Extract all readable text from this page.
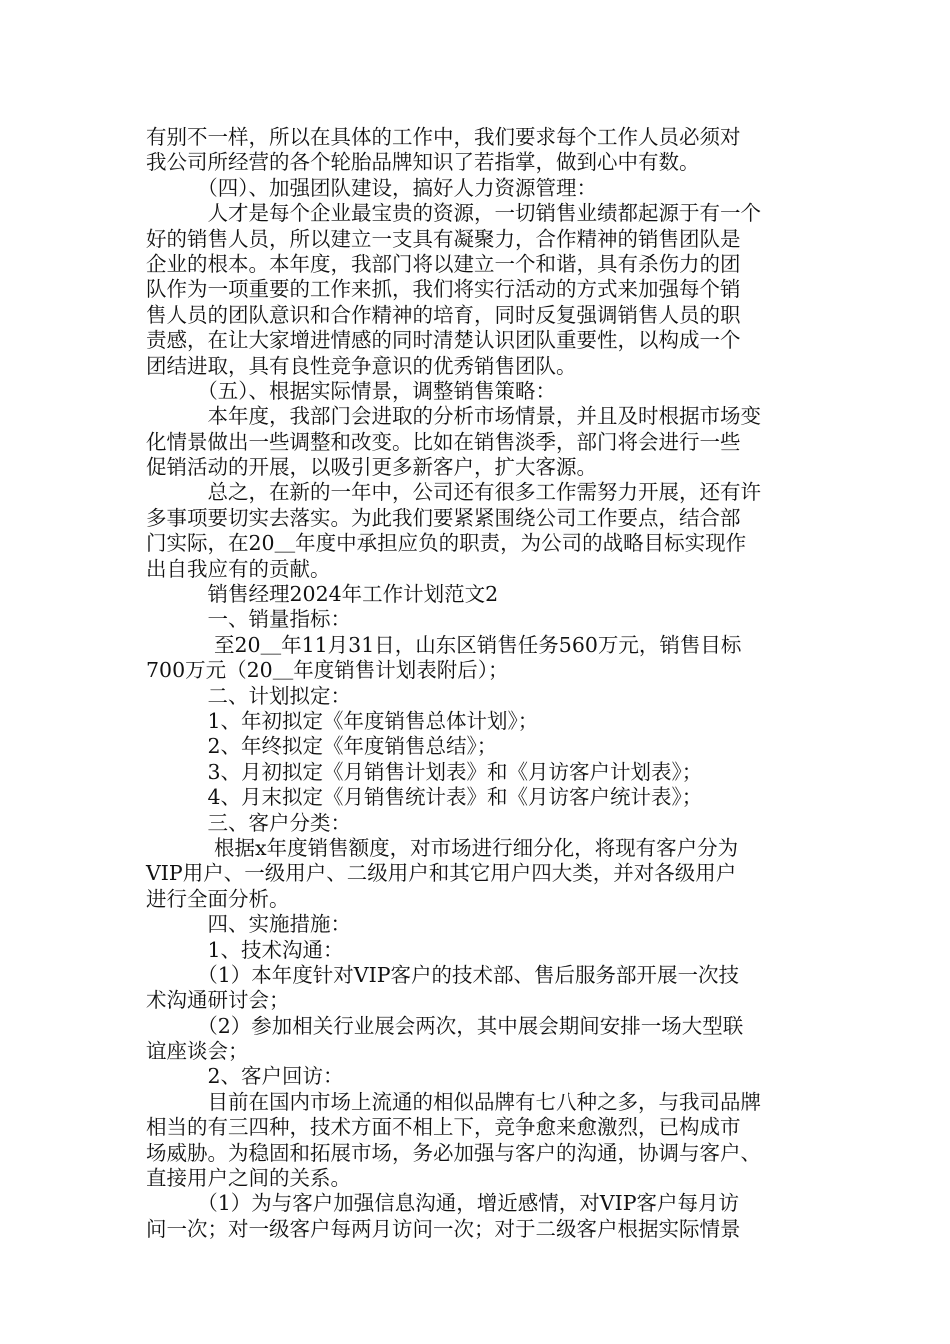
有别不一样，所以在具体的工作中，我们要求每个工作人员必须对
我公司所经营的各个轮胎品牌知识了若指掌，做到心中有数。
　　　（四）、加强团队建设，搞好人力资源管理：
　　　人才是每个企业最宝贵的资源，一切销售业绩都起源于有一个
好的销售人员，所以建立一支具有凝聚力，合作精神的销售团队是
企业的根本。本年度，我部门将以建立一个和谐，具有杀伤力的团
队作为一项重要的工作来抓，我们将实行活动的方式来加强每个销
售人员的团队意识和合作精神的培育，同时反复强调销售人员的职
责感，在让大家增进情感的同时清楚认识团队重要性，以构成一个
团结进取，具有良性竞争意识的优秀销售团队。
　　　（五）、根据实际情景，调整销售策略：
　　　本年度，我部门会进取的分析市场情景，并且及时根据市场变
化情景做出一些调整和改变。比如在销售淡季，部门将会进行一些
促销活动的开展，以吸引更多新客户，扩大客源。
　　　总之，在新的一年中，公司还有很多工作需努力开展，还有许
多事项要切实去落实。为此我们要紧紧围绕公司工作要点，结合部
门实际，在20＿年度中承担应负的职责，为公司的战略目标实现作
出自我应有的贡献。
　　　销售经理2024年工作计划范文2
　　　一、销量指标：
　　　 至20＿年11月31日，山东区销售任务560万元，销售目标
700万元（20＿年度销售计划表附后）；
　　　二、计划拟定：
　　　1、年初拟定《年度销售总体计划》；
　　　2、年终拟定《年度销售总结》；
　　　3、月初拟定《月销售计划表》和《月访客户计划表》；
　　　4、月末拟定《月销售统计表》和《月访客户统计表》；
　　　三、客户分类：
　　　 根据x年度销售额度，对市场进行细分化，将现有客户分为
VIP用户、一级用户、二级用户和其它用户四大类，并对各级用户
进行全面分析。
　　　四、实施措施：
　　　1、技术沟通：
　　　（1）本年度针对VIP客户的技术部、售后服务部开展一次技
术沟通研讨会；
　　　（2）参加相关行业展会两次，其中展会期间安排一场大型联
谊座谈会；
　　　2、客户回访：
　　　目前在国内市场上流通的相似品牌有七八种之多，与我司品牌
相当的有三四种，技术方面不相上下，竞争愈来愈激烈，已构成市
场威胁。为稳固和拓展市场，务必加强与客户的沟通，协调与客户、
直接用户之间的关系。
　　　（1）为与客户加强信息沟通，增近感情，对VIP客户每月访
问一次；对一级客户每两月访问一次；对于二级客户根据实际情景
